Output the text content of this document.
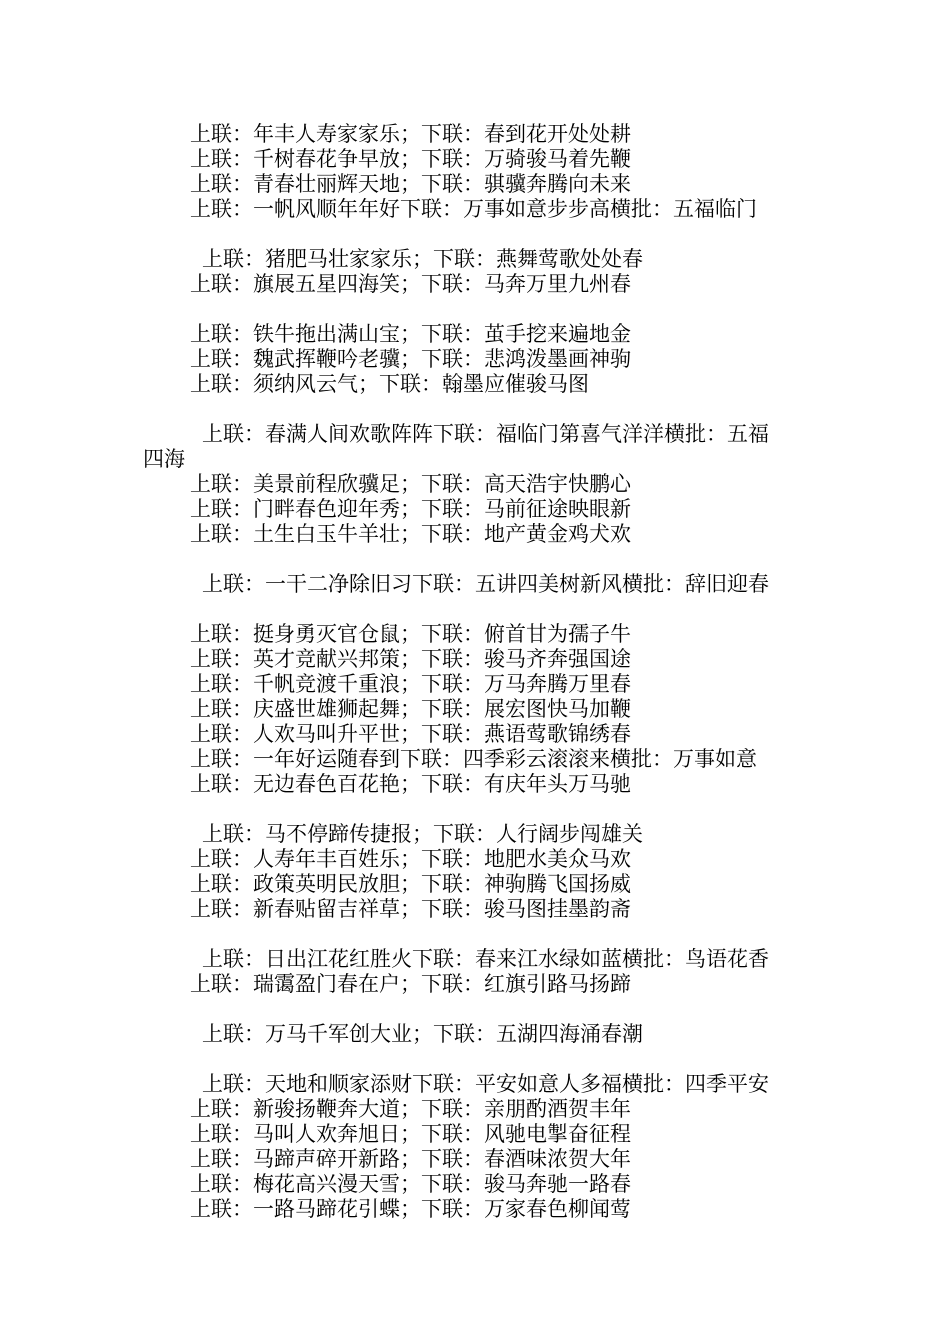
上联：年丰人寿家家乐；下联：春到花开处处耕
上联：千树春花争早放；下联：万骑骏马着先鞭
上联：青春壮丽辉天地；下联：骐骥奔腾向未来
上联：一帆风顺年年好下联：万事如意步步高横批：五福临门
上联：猪肥马壮家家乐；下联：燕舞莺歌处处春
上联：旗展五星四海笑；下联：马奔万里九州春
上联：铁牛拖出满山宝；下联：茧手挖来遍地金
上联：魏武挥鞭吟老骥；下联：悲鸿泼墨画神驹
上联：须纳风云气；下联：翰墨应催骏马图
上联：春满人间欢歌阵阵下联：福临门第喜气洋洋横批：五福
四海
上联：美景前程欣骥足；下联：高天浩宇快鹏心
上联：门畔春色迎年秀；下联：马前征途映眼新
上联：土生白玉牛羊壮；下联：地产黄金鸡犬欢
上联：一干二净除旧习下联：五讲四美树新风横批：辞旧迎春
上联：挺身勇灭官仓鼠；下联：俯首甘为孺子牛
上联：英才竞献兴邦策；下联：骏马齐奔强国途
上联：千帆竞渡千重浪；下联：万马奔腾万里春
上联：庆盛世雄狮起舞；下联：展宏图快马加鞭
上联：人欢马叫升平世；下联：燕语莺歌锦绣春
上联：一年好运随春到下联：四季彩云滚滚来横批：万事如意
上联：无边春色百花艳；下联：有庆年头万马驰
上联：马不停蹄传捷报；下联：人行阔步闯雄关
上联：人寿年丰百姓乐；下联：地肥水美众马欢
上联：政策英明民放胆；下联：神驹腾飞国扬威
上联：新春贴留吉祥草；下联：骏马图挂墨韵斋
上联：日出江花红胜火下联：春来江水绿如蓝横批：鸟语花香
上联：瑞霭盈门春在户；下联：红旗引路马扬蹄
上联：万马千军创大业；下联：五湖四海涌春潮
上联：天地和顺家添财下联：平安如意人多福横批：四季平安
上联：新骏扬鞭奔大道；下联：亲朋酌酒贺丰年
上联：马叫人欢奔旭日；下联：风驰电掣奋征程
上联：马蹄声碎开新路；下联：春酒味浓贺大年
上联：梅花高兴漫天雪；下联：骏马奔驰一路春
上联：一路马蹄花引蝶；下联：万家春色柳闻莺
